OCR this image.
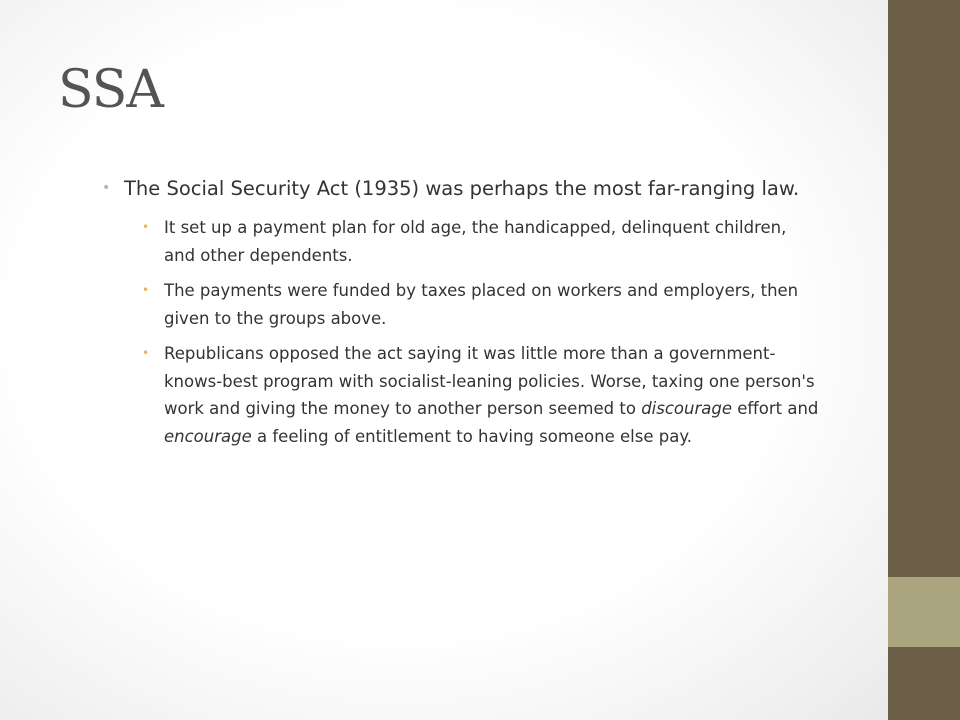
SSA
• The Social Security Act (1935) was perhaps the most far-ranging law.
• It set up a payment plan for old age, the handicapped, delinquent children, and other dependents.
• The payments were funded by taxes placed on workers and employers, then given to the groups above.
• Republicans opposed the act saying it was little more than a government-knows-best program with socialist-leaning policies. Worse, taxing one person's work and giving the money to another person seemed to discourage effort and encourage a feeling of entitlement to having someone else pay.
